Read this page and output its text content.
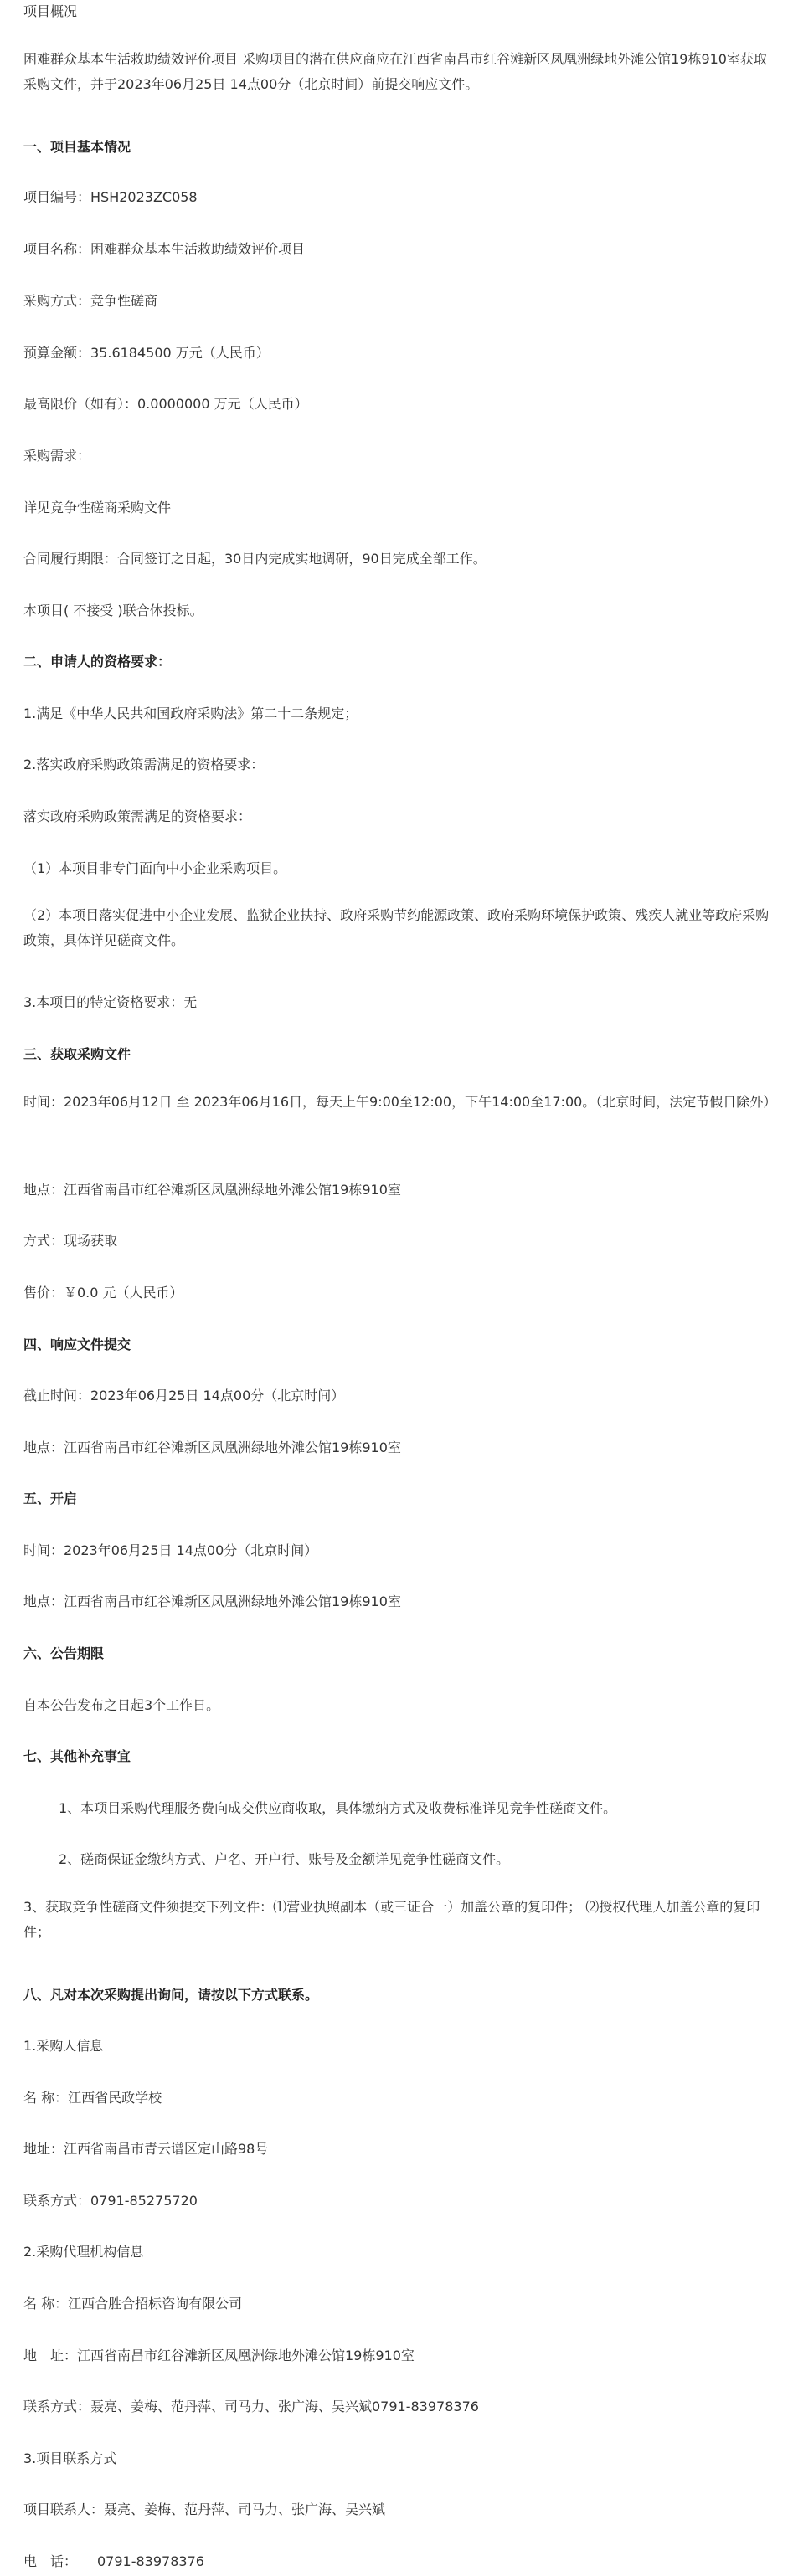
项目概况

困难群众基本生活救助绩效评价项目 采购项目的潜在供应商应在江西省南昌市红谷滩新区凤凰洲绿地外滩公馆19栋910室获取采购文件，并于2023年06月25日 14点00分（北京时间）前提交响应文件。

一、项目基本情况

项目编号：HSH2023ZC058

项目名称：困难群众基本生活救助绩效评价项目

采购方式：竞争性磋商

预算金额：35.6184500 万元（人民币）

最高限价（如有）：0.0000000 万元（人民币）

采购需求：

详见竞争性磋商采购文件

合同履行期限：合同签订之日起，30日内完成实地调研，90日完成全部工作。

本项目( 不接受 )联合体投标。

二、申请人的资格要求：

1.满足《中华人民共和国政府采购法》第二十二条规定；

2.落实政府采购政策需满足的资格要求：

落实政府采购政策需满足的资格要求：

（1）本项目非专门面向中小企业采购项目。

（2）本项目落实促进中小企业发展、监狱企业扶持、政府采购节约能源政策、政府采购环境保护政策、残疾人就业等政府采购政策，具体详见磋商文件。

3.本项目的特定资格要求：无

三、获取采购文件

时间：2023年06月12日 至 2023年06月16日，每天上午9:00至12:00，下午14:00至17:00。（北京时间，法定节假日除外）

地点：江西省南昌市红谷滩新区凤凰洲绿地外滩公馆19栋910室

方式：现场获取

售价：￥0.0 元（人民币）

四、响应文件提交

截止时间：2023年06月25日 14点00分（北京时间）

地点：江西省南昌市红谷滩新区凤凰洲绿地外滩公馆19栋910室

五、开启

时间：2023年06月25日 14点00分（北京时间）

地点：江西省南昌市红谷滩新区凤凰洲绿地外滩公馆19栋910室

六、公告期限

自本公告发布之日起3个工作日。

七、其他补充事宜

1、本项目采购代理服务费向成交供应商收取，具体缴纳方式及收费标准详见竞争性磋商文件。

2、磋商保证金缴纳方式、户名、开户行、账号及金额详见竞争性磋商文件。

3、获取竞争性磋商文件须提交下列文件：⑴营业执照副本（或三证合一）加盖公章的复印件； ⑵授权代理人加盖公章的复印件；

八、凡对本次采购提出询问，请按以下方式联系。

1.采购人信息

名 称：江西省民政学校

地址：江西省南昌市青云谱区定山路98号

联系方式：0791-85275720

2.采购代理机构信息

名 称：江西合胜合招标咨询有限公司

地　址：江西省南昌市红谷滩新区凤凰洲绿地外滩公馆19栋910室

联系方式：聂亮、姜梅、范丹萍、司马力、张广海、吴兴斌0791-83978376

3.项目联系方式

项目联系人：聂亮、姜梅、范丹萍、司马力、张广海、吴兴斌

电　话：　　0791-83978376
